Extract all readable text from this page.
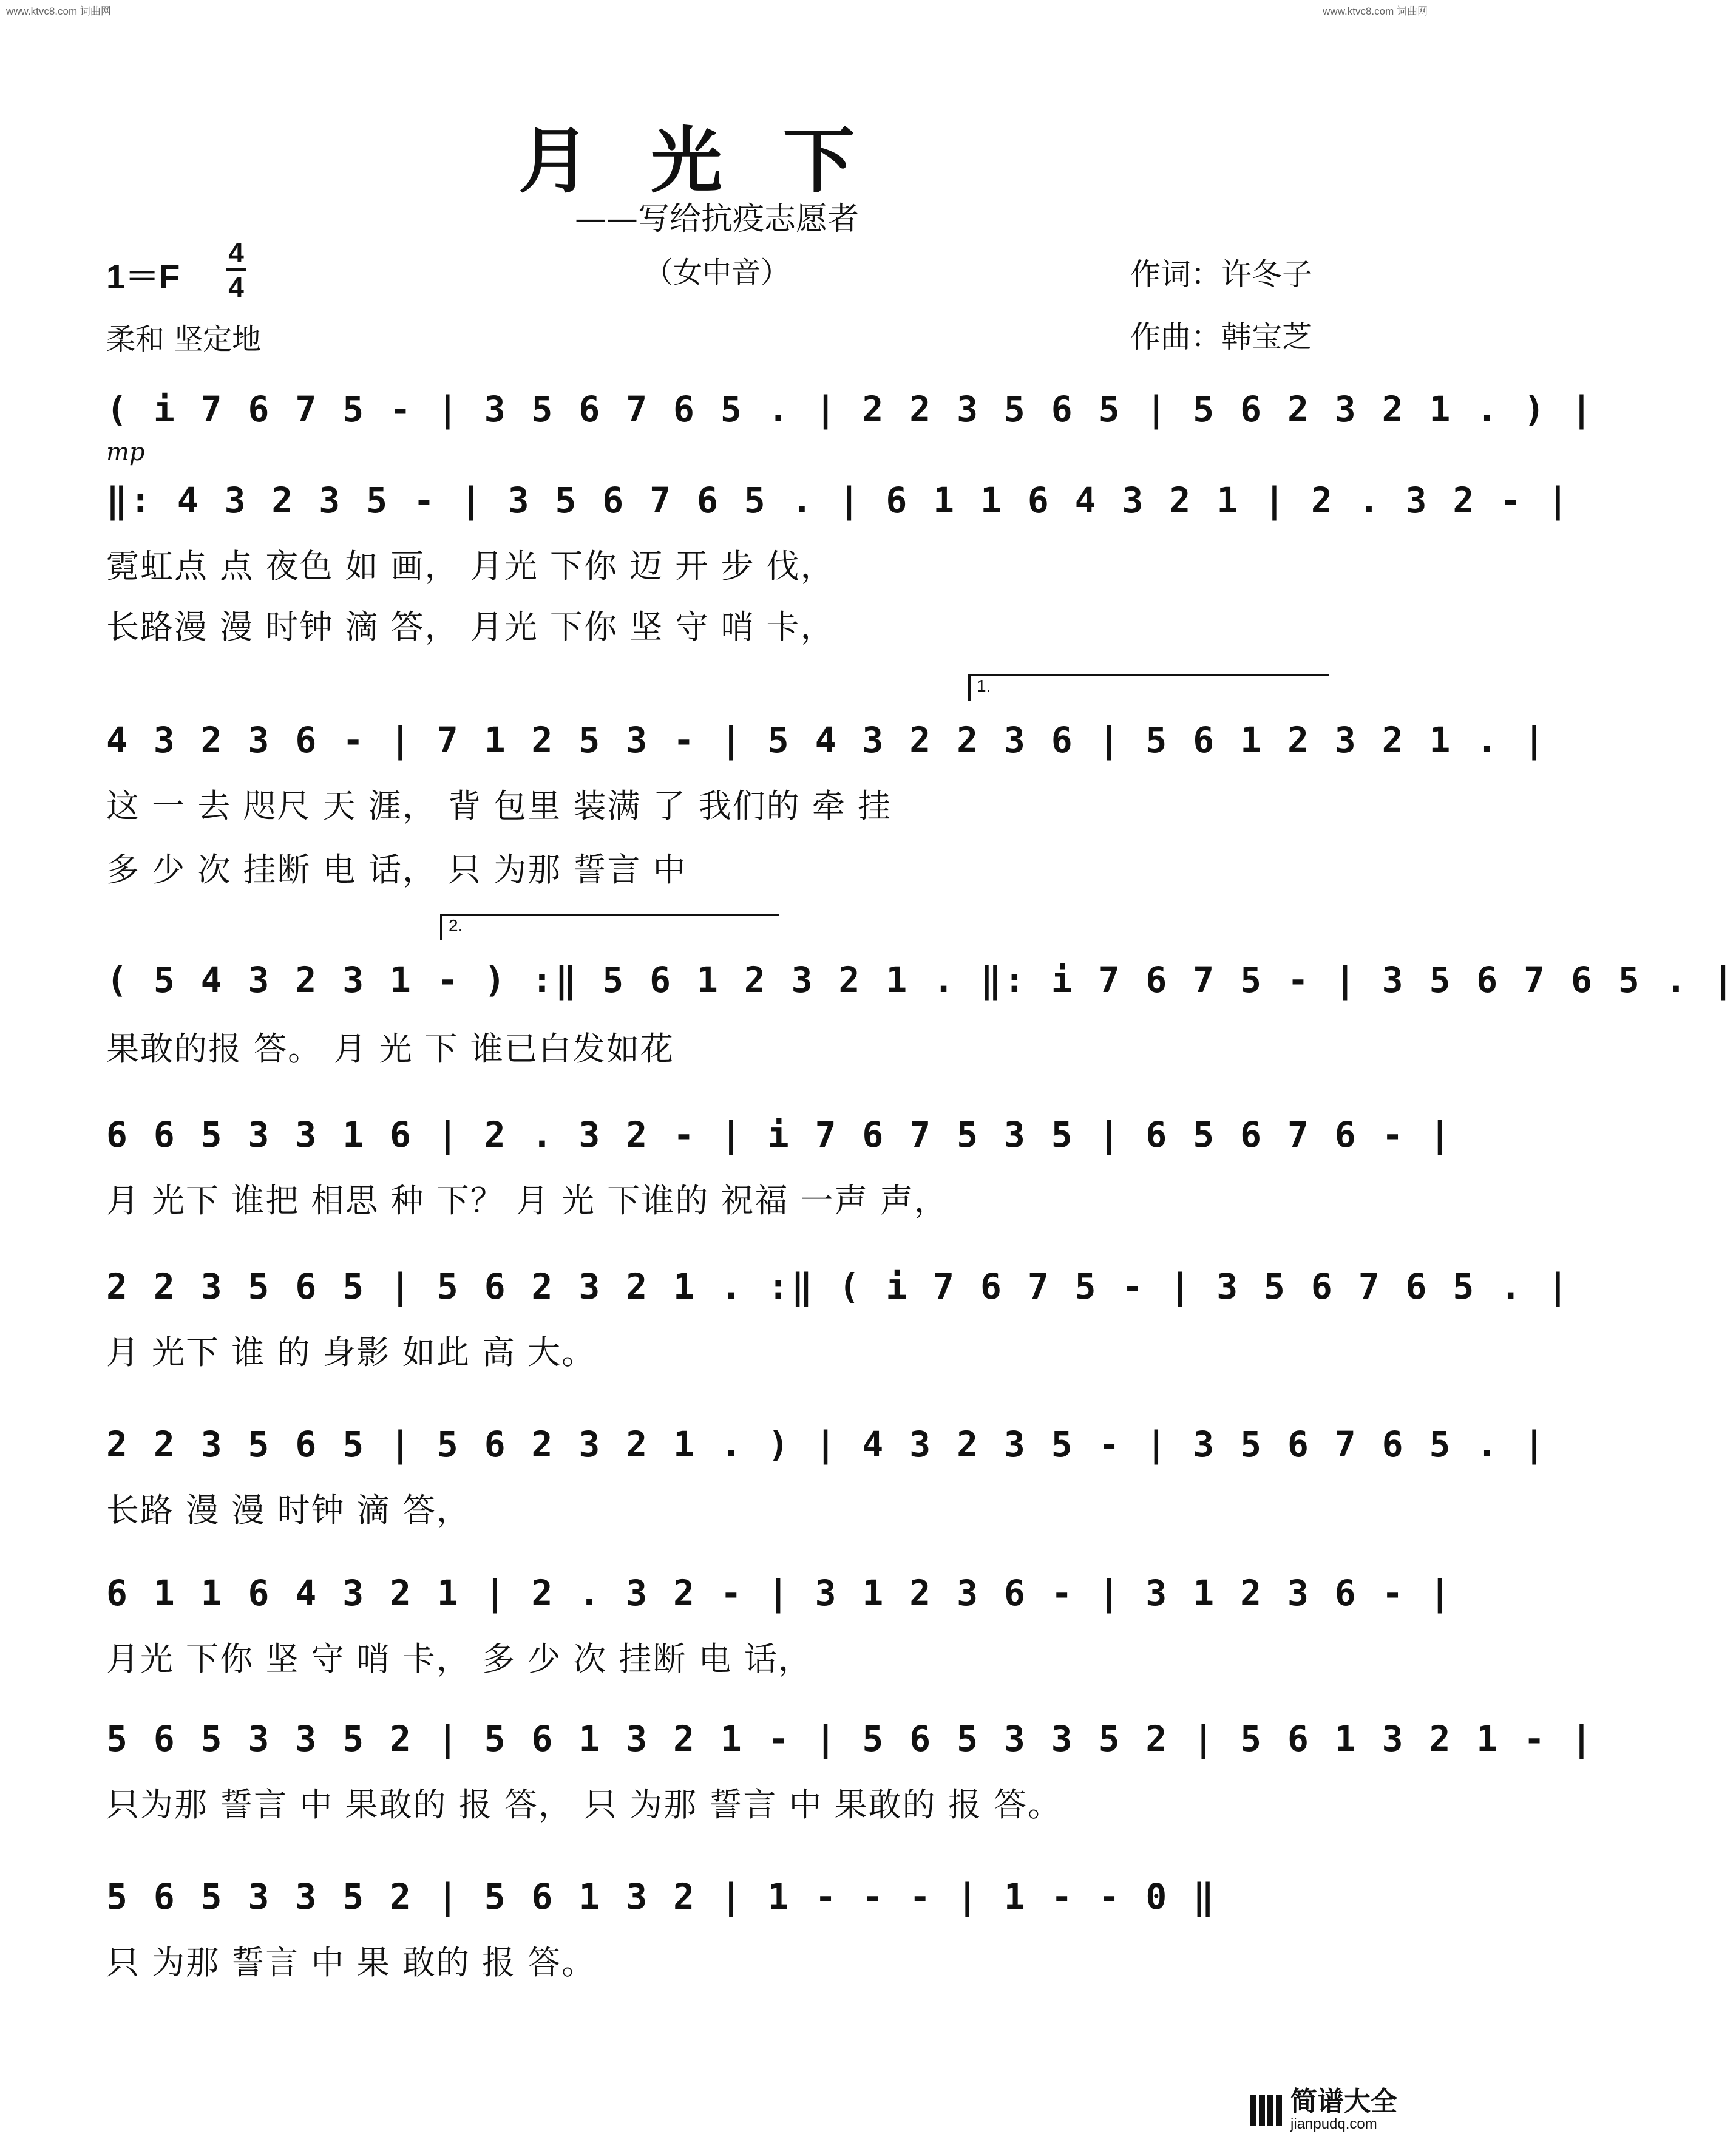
www.ktvc8.com 词曲网	www.ktvc8.com 词曲网
月光下
——写给抗疫志愿者
（女中音）
1＝F
4
4	作词：许冬子
作曲：韩宝芝
柔和 坚定地
mp
1.
2.
( i 7 6 7 5 - | 3 5 6 7 6 5 . | 2 2 3 5 6 5 | 5 6 2 3 2 1 . ) |
‖: 4 3 2 3 5 - | 3 5 6 7 6 5 . | 6 1 1 6 4 3 2 1 | 2 . 3 2 - |
霓虹点 点 夜色 如 画， 月光 下你 迈 开 步 伐，
长路漫 漫 时钟 滴 答， 月光 下你 坚 守 哨 卡，
4 3 2 3 6 - | 7 1 2 5 3 - | 5 4 3 2 2 3 6 | 5 6 1 2 3 2 1 . |
这 一 去 咫尺 天 涯， 背 包里 装满 了 我们的 牵 挂
多 少 次 挂断 电 话， 只 为那 誓言 中
( 5 4 3 2 3 1 - ) :‖ 5 6 1 2 3 2 1 . ‖: i 7 6 7 5 - | 3 5 6 7 6 5 . |
果敢的报 答。 月 光 下 谁已白发如花
6 6 5 3 3 1 6 | 2 . 3 2 - | i 7 6 7 5 3 5 | 6 5 6 7 6 - |
月 光下 谁把 相思 种 下？ 月 光 下谁的 祝福 一声 声，
2 2 3 5 6 5 | 5 6 2 3 2 1 . :‖ ( i 7 6 7 5 - | 3 5 6 7 6 5 . |
月 光下 谁 的 身影 如此 高 大。
2 2 3 5 6 5 | 5 6 2 3 2 1 . ) | 4 3 2 3 5 - | 3 5 6 7 6 5 . |
长路 漫 漫 时钟 滴 答，
6 1 1 6 4 3 2 1 | 2 . 3 2 - | 3 1 2 3 6 - | 3 1 2 3 6 - |
月光 下你 坚 守 哨 卡， 多 少 次 挂断 电 话，
5 6 5 3 3 5 2 | 5 6 1 3 2 1 - | 5 6 5 3 3 5 2 | 5 6 1 3 2 1 - |
只为那 誓言 中 果敢的 报 答， 只 为那 誓言 中 果敢的 报 答。
5 6 5 3 3 5 2 | 5 6 1 3 2 | 1 - - - | 1 - - 0 ‖
只 为那 誓言 中 果 敢的 报 答。
简谱大全
jianpudq.com
